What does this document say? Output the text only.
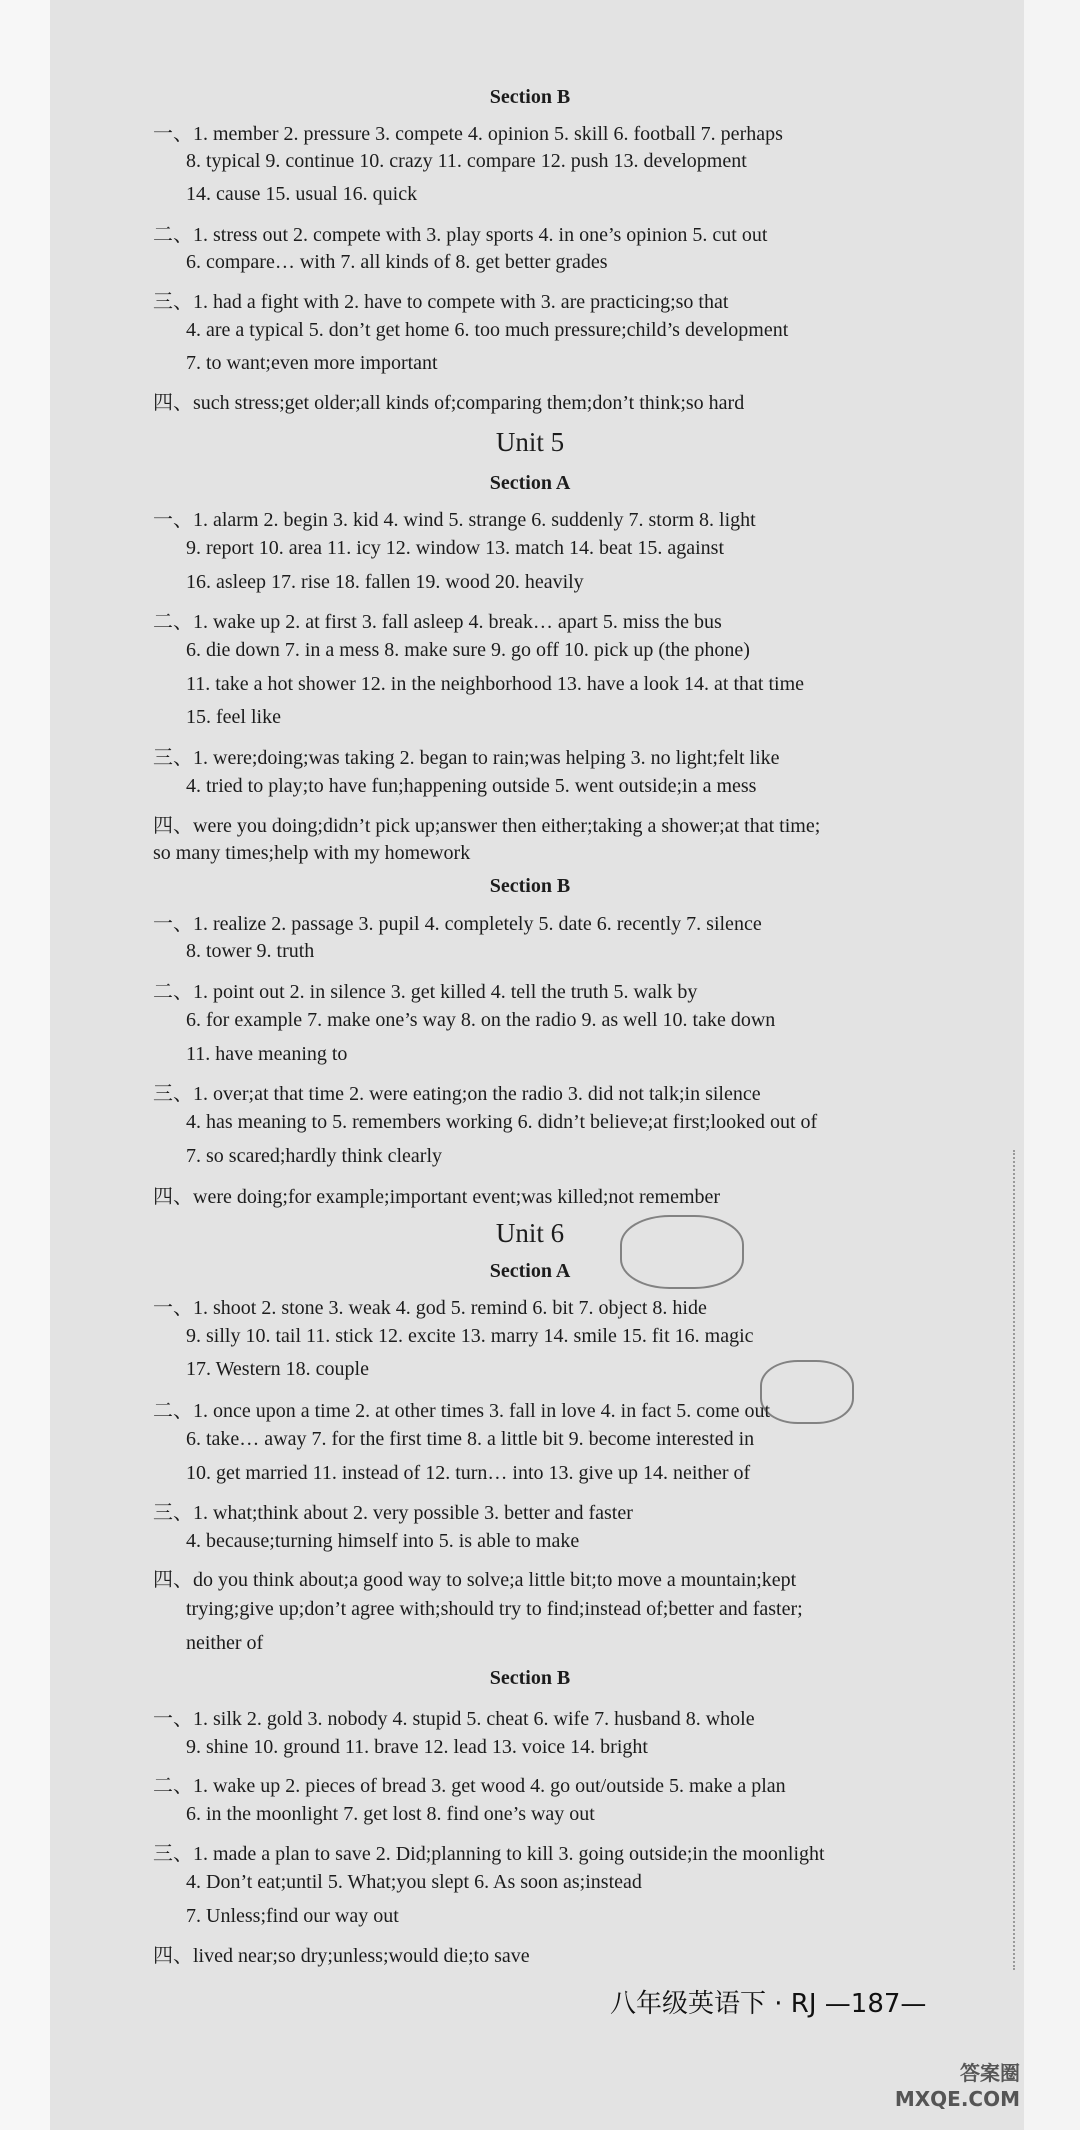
Section B
一、1. member 2. pressure 3. compete 4. opinion 5. skill 6. football 7. perhaps
8. typical 9. continue 10. crazy 11. compare 12. push 13. development
14. cause 15. usual 16. quick
二、1. stress out 2. compete with 3. play sports 4. in one’s opinion 5. cut out
6. compare… with 7. all kinds of 8. get better grades
三、1. had a fight with 2. have to compete with 3. are practicing;so that
4. are a typical 5. don’t get home 6. too much pressure;child’s development
7. to want;even more important
四、such stress;get older;all kinds of;comparing them;don’t think;so hard
Unit 5
Section A
一、1. alarm 2. begin 3. kid 4. wind 5. strange 6. suddenly 7. storm 8. light
9. report 10. area 11. icy 12. window 13. match 14. beat 15. against
16. asleep 17. rise 18. fallen 19. wood 20. heavily
二、1. wake up 2. at first 3. fall asleep 4. break… apart 5. miss the bus
6. die down 7. in a mess 8. make sure 9. go off 10. pick up (the phone)
11. take a hot shower 12. in the neighborhood 13. have a look 14. at that time
15. feel like
三、1. were;doing;was taking 2. began to rain;was helping 3. no light;felt like
4. tried to play;to have fun;happening outside 5. went outside;in a mess
四、were you doing;didn’t pick up;answer then either;taking a shower;at that time;
so many times;help with my homework
Section B
一、1. realize 2. passage 3. pupil 4. completely 5. date 6. recently 7. silence
8. tower 9. truth
二、1. point out 2. in silence 3. get killed 4. tell the truth 5. walk by
6. for example 7. make one’s way 8. on the radio 9. as well 10. take down
11. have meaning to
三、1. over;at that time 2. were eating;on the radio 3. did not talk;in silence
4. has meaning to 5. remembers working 6. didn’t believe;at first;looked out of
7. so scared;hardly think clearly
四、were doing;for example;important event;was killed;not remember
Unit 6
Section A
一、1. shoot 2. stone 3. weak 4. god 5. remind 6. bit 7. object 8. hide
9. silly 10. tail 11. stick 12. excite 13. marry 14. smile 15. fit 16. magic
17. Western 18. couple
二、1. once upon a time 2. at other times 3. fall in love 4. in fact 5. come out
6. take… away 7. for the first time 8. a little bit 9. become interested in
10. get married 11. instead of 12. turn… into 13. give up 14. neither of
三、1. what;think about 2. very possible 3. better and faster
4. because;turning himself into 5. is able to make
四、do you think about;a good way to solve;a little bit;to move a mountain;kept
trying;give up;don’t agree with;should try to find;instead of;better and faster;
neither of
Section B
一、1. silk 2. gold 3. nobody 4. stupid 5. cheat 6. wife 7. husband 8. whole
9. shine 10. ground 11. brave 12. lead 13. voice 14. bright
二、1. wake up 2. pieces of bread 3. get wood 4. go out/outside 5. make a plan
6. in the moonlight 7. get lost 8. find one’s way out
三、1. made a plan to save 2. Did;planning to kill 3. going outside;in the moonlight
4. Don’t eat;until 5. What;you slept 6. As soon as;instead
7. Unless;find our way out
四、lived near;so dry;unless;would die;to save
八年级英语下 · RJ —187—
答案圈 MXQE.COM
